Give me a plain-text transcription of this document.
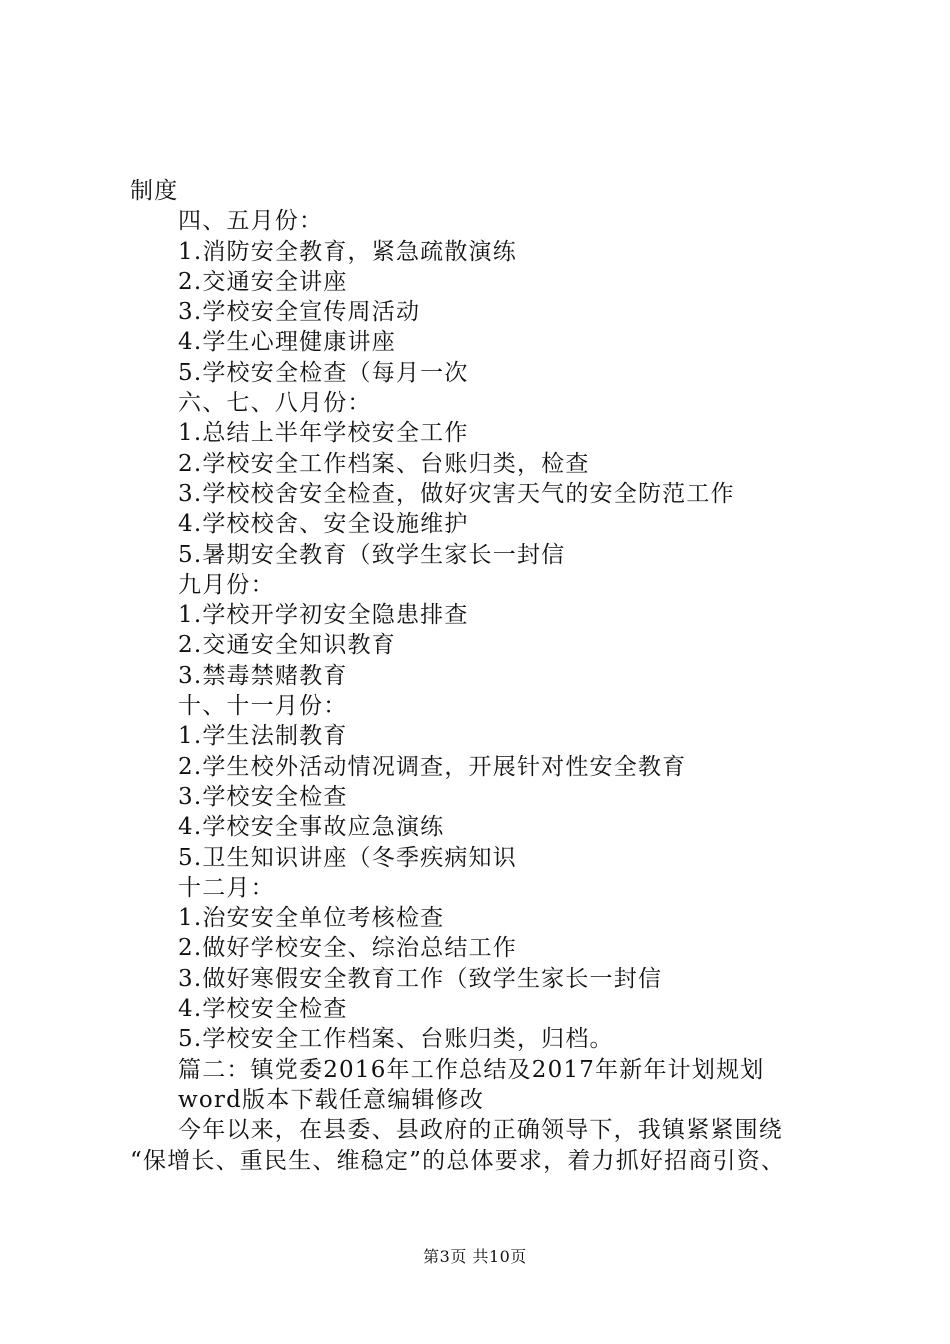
制度
四、五月份：
1.消防安全教育，紧急疏散演练
2.交通安全讲座
3.学校安全宣传周活动
4.学生心理健康讲座
5.学校安全检查（每月一次
六、七、八月份：
1.总结上半年学校安全工作
2.学校安全工作档案、台账归类，检查
3.学校校舍安全检查，做好灾害天气的安全防范工作
4.学校校舍、安全设施维护
5.暑期安全教育（致学生家长一封信
九月份：
1.学校开学初安全隐患排查
2.交通安全知识教育
3.禁毒禁赌教育
十、十一月份：
1.学生法制教育
2.学生校外活动情况调查，开展针对性安全教育
3.学校安全检查
4.学校安全事故应急演练
5.卫生知识讲座（冬季疾病知识
十二月：
1.治安安全单位考核检查
2.做好学校安全、综治总结工作
3.做好寒假安全教育工作（致学生家长一封信
4.学校安全检查
5.学校安全工作档案、台账归类，归档。
篇二：镇党委2016年工作总结及2017年新年计划规划
word版本下载任意编辑修改
今年以来，在县委、县政府的正确领导下，我镇紧紧围绕
“保增长、重民生、维稳定”的总体要求，着力抓好招商引资、
第3页 共10页
